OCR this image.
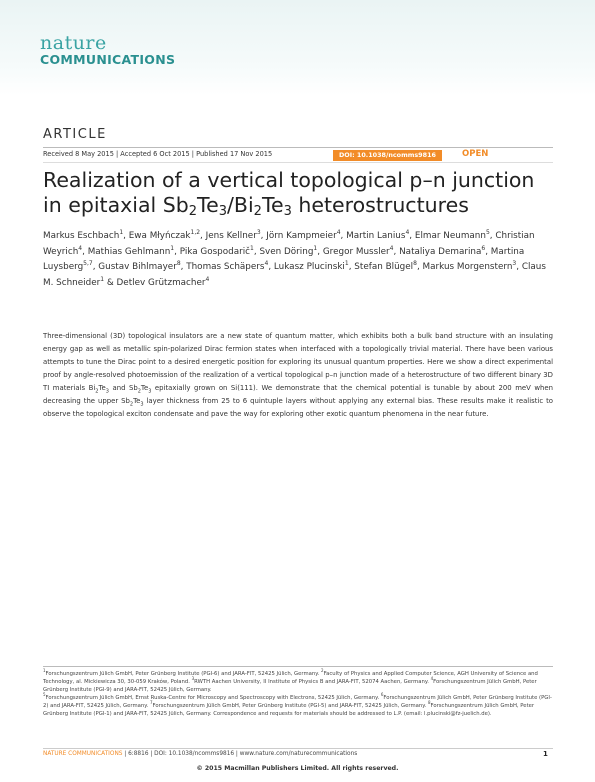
nature
COMMUNICATIONS
ARTICLE
Received 8 May 2015 | Accepted 6 Oct 2015 | Published 17 Nov 2015	DOI: 10.1038/ncomms9816	OPEN
Realization of a vertical topological p–n junction
in epitaxial $Sb_2Te_3/Bi_2Te_3$ heterostructures
Markus Eschbach$^1$, Ewa Młyńczak$^{1,2}$, Jens Kellner$^3$, Jörn Kampmeier$^4$, Martin Lanius$^4$, Elmar Neumann$^5$, Christian Weyrich$^4$, Mathias Gehlmann$^1$, Pika Gospodarič$^1$, Sven Döring$^1$, Gregor Mussler$^4$, Nataliya Demarina$^6$, Martina Luysberg$^{5,7}$, Gustav Bihlmayer$^8$, Thomas Schäpers$^4$, Lukasz Plucinski$^1$, Stefan Blügel$^8$, Markus Morgenstern$^3$, Claus M. Schneider$^1$ & Detlev Grützmacher$^4$
Three-dimensional (3D) topological insulators are a new state of quantum matter, which exhibits both a bulk band structure with an insulating energy gap as well as metallic spin-polarized Dirac fermion states when interfaced with a topologically trivial material. There have been various attempts to tune the Dirac point to a desired energetic position for exploring its unusual quantum properties. Here we show a direct experimental proof by angle-resolved photoemission of the realization of a vertical topological p–n junction made of a heterostructure of two different binary 3D TI materials $Bi_2Te_3$ and $Sb_2Te_3$ epitaxially grown on Si(111). We demonstrate that the chemical potential is tunable by about 200 meV when decreasing the upper $Sb_2Te_3$ layer thickness from 25 to 6 quintuple layers without applying any external bias. These results make it realistic to observe the topological exciton condensate and pave the way for exploring other exotic quantum phenomena in the near future.
$^1$Forschungszentrum Jülich GmbH, Peter Grünberg Institute (PGI-6) and JARA-FIT, 52425 Jülich, Germany. $^2$Faculty of Physics and Applied Computer Science, AGH University of Science and Technology, al. Mickiewicza 30, 30-059 Kraków, Poland. $^3$RWTH Aachen University, II Institute of Physics B and JARA-FIT, 52074 Aachen, Germany. $^4$Forschungszentrum Jülich GmbH, Peter Grünberg Institute (PGI-9) and JARA-FIT, 52425 Jülich, Germany.
$^5$Forschungszentrum Jülich GmbH, Ernst Ruska-Centre for Microscopy and Spectroscopy with Electrons, 52425 Jülich, Germany. $^6$Forschungszentrum Jülich GmbH, Peter Grünberg Institute (PGI-2) and JARA-FIT, 52425 Jülich, Germany. $^7$Forschungszentrum Jülich GmbH, Peter Grünberg Institute (PGI-5) and JARA-FIT, 52425 Jülich, Germany. $^8$Forschungszentrum Jülich GmbH, Peter Grünberg Institute (PGI-1) and JARA-FIT, 52425 Jülich, Germany. Correspondence and requests for materials should be addressed to L.P. (email: l.plucinski@fz-juelich.de).
NATURE COMMUNICATIONS | 6:8816 | DOI: 10.1038/ncomms9816 | www.nature.com/naturecommunications	1
© 2015 Macmillan Publishers Limited. All rights reserved.
